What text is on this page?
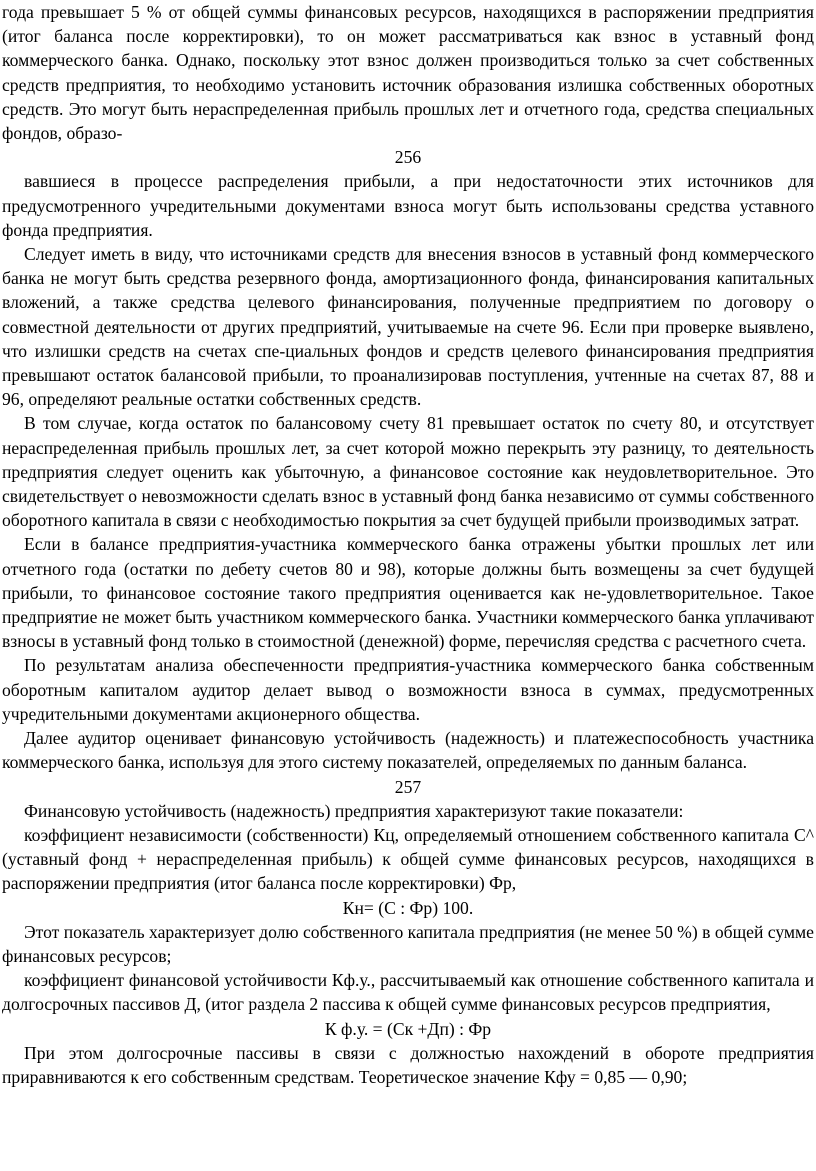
года превышает 5 % от общей суммы финансовых ресурсов, находящихся в распоряжении предприятия (итог баланса после корректировки), то он может рассматриваться как взнос в уставный фонд коммерческого банка. Однако, поскольку этот взнос должен производиться только за счет собственных средств предприятия, то необходимо установить источник образования излишка собственных оборотных средств. Это могут быть нераспределенная прибыль прошлых лет и отчетного года, средства специальных фондов, образо-

256

вавшиеся в процессе распределения прибыли, а при недостаточности этих источников для предусмотренного учредительными документами взноса могут быть использованы средства уставного фонда предприятия.

Следует иметь в виду, что источниками средств для внесения взносов в уставный фонд коммерческого банка не могут быть средства резервного фонда, амортизационного фонда, финансирования капитальных вложений, а также средства целевого финансирования, полученные предприятием по договору о совместной деятельности от других предприятий, учитываемые на счете 96. Если при проверке выявлено, что излишки средств на счетах спе-циальных фондов и средств целевого финансирования предприятия превышают остаток балансовой прибыли, то проанализировав поступления, учтенные на счетах 87, 88 и 96, определяют реальные остатки собственных средств.

В том случае, когда остаток по балансовому счету 81 превышает остаток по счету 80, и отсутствует нераспределенная прибыль прошлых лет, за счет которой можно перекрыть эту разницу, то деятельность предприятия следует оценить как убыточную, а финансовое состояние как неудовлетворительное. Это свидетельствует о невозможности сделать взнос в уставный фонд банка независимо от суммы собственного оборотного капитала в связи с необходимостью покрытия за счет будущей прибыли производимых затрат.

Если в балансе предприятия-участника коммерческого банка отражены убытки прошлых лет или отчетного года (остатки по дебету счетов 80 и 98), которые должны быть возмещены за счет будущей прибыли, то финансовое состояние такого предприятия оценивается как не-удовлетворительное. Такое предприятие не может быть участником коммерческого банка. Участники коммерческого банка уплачивают взносы в уставный фонд только в стоимостной (денежной) форме, перечисляя средства с расчетного счета.

По результатам анализа обеспеченности предприятия-участника коммерческого банка собственным оборотным капиталом аудитор делает вывод о возможности взноса в суммах, предусмотренных учредительными документами акционерного общества.

Далее аудитор оценивает финансовую устойчивость (надежность) и платежеспособность участника коммерческого банка, используя для этого систему показателей, определяемых по данным баланса.

257

Финансовую устойчивость (надежность) предприятия характеризуют такие показатели:

коэффициент независимости (собственности) Кц, определяемый отношением собственного капитала С^ (уставный фонд + нераспределенная прибыль) к общей сумме финансовых ресурсов, находящихся в распоряжении предприятия (итог баланса после корректировки) Фр,

Кн= (С : Фр) 100.

Этот показатель характеризует долю собственного капитала предприятия (не менее 50 %) в общей сумме финансовых ресурсов;

коэффициент финансовой устойчивости Кф.у., рассчитываемый как отношение собственного капитала и долгосрочных пассивов Д, (итог раздела 2 пассива к общей сумме финансовых ресурсов предприятия,

К ф.у. = (Ск +Дп) : Фр

При этом долгосрочные пассивы в связи с должностью нахождений в обороте предприятия приравниваются к его собственным средствам. Теоретическое значение Кфу = 0,85 — 0,90;
